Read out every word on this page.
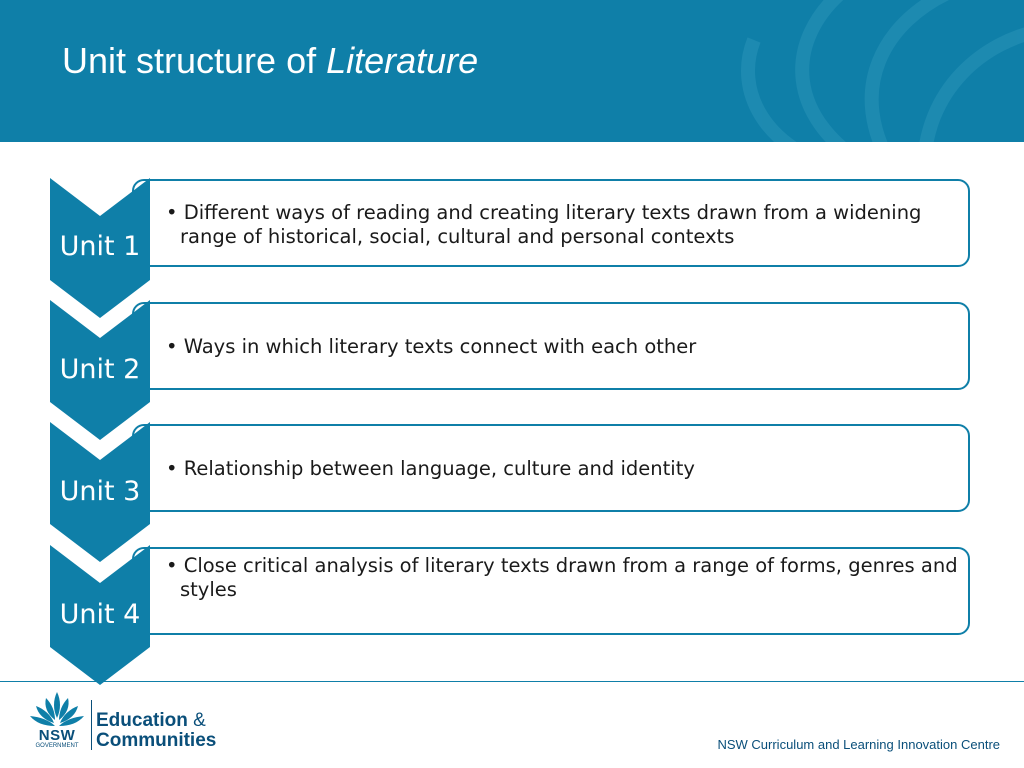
Unit structure of Literature
Unit 1
• Different ways of reading and creating literary texts drawn from a widening range of historical, social, cultural and personal contexts
Unit 2
• Ways in which literary texts connect with each other
Unit 3
• Relationship between language, culture and identity
Unit 4
• Close critical analysis of literary texts drawn from a range of forms, genres and styles
NSW
GOVERNMENT
Education &
Communities	NSW Curriculum and Learning Innovation Centre
